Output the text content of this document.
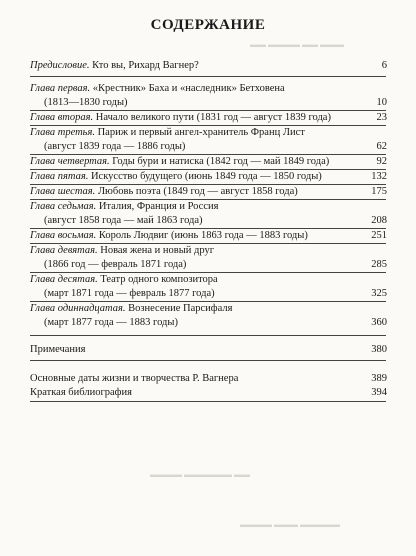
СОДЕРЖАНИЕ
▬▬ ▬▬▬▬ ▬▬ ▬▬▬
▬▬▬▬ ▬▬▬▬▬▬ ▬▬
▬▬▬▬ ▬▬▬ ▬▬▬▬▬
Предисловие. Кто вы, Рихард Вагнер?	6
Глава первая. «Крестник» Баха и «наследник» Бетховена
(1813—1830 годы)	10
Глава вторая. Начало великого пути (1831 год — август 1839 года)	23
Глава третья. Париж и первый ангел-хранитель Франц Лист
(август 1839 года — 1886 годы)	62
Глава четвертая. Годы бури и натиска (1842 год — май 1849 года)	92
Глава пятая. Искусство будущего (июнь 1849 года — 1850 годы)	132
Глава шестая. Любовь поэта (1849 год — август 1858 года)	175
Глава седьмая. Италия, Франция и Россия
(август 1858 года — май 1863 года)	208
Глава восьмая. Король Людвиг (июнь 1863 года — 1883 годы)	251
Глава девятая. Новая жена и новый друг
(1866 год — февраль 1871 года)	285
Глава десятая. Театр одного композитора
(март 1871 года — февраль 1877 года)	325
Глава одиннадцатая. Вознесение Парсифаля
(март 1877 года — 1883 годы)	360
Примечания	380
Основные даты жизни и творчества Р. Вагнера	389
Краткая библиография	394
